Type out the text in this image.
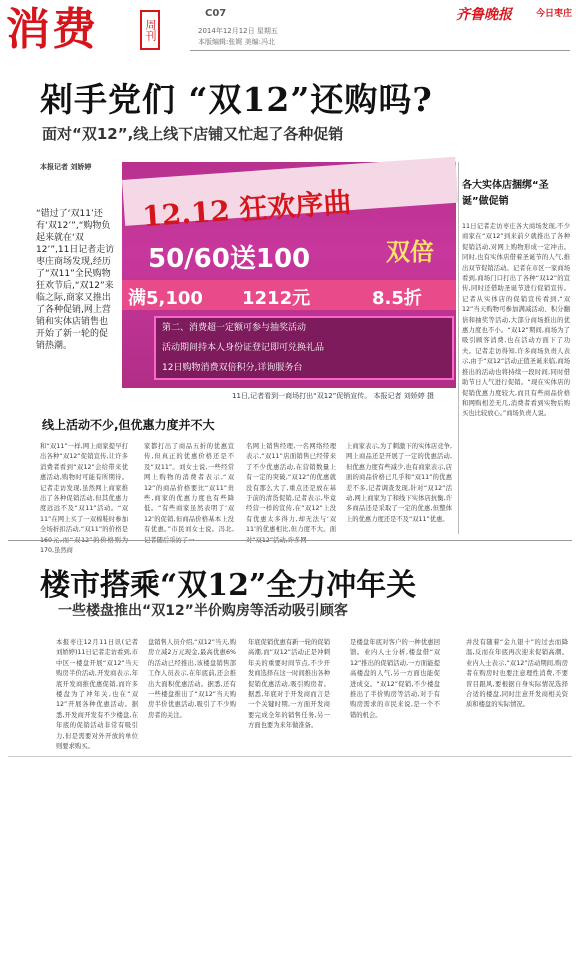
消费	周刊
C07
2014年12月12日 星期五
本版编辑:张娓 美编:冯北
齐鲁晚报	今日枣庄
剁手党们 “双12”还购吗?
面对“双12”,线上线下店铺又忙起了各种促销
本报记者 刘娇婷
“错过了‘双11’还有‘双12’”,“购物负起来就在‘双12’”,11日记者走访枣庄商场发现,经历了“双11”全民购物狂欢节后,“双12”来临之际,商家又推出了各种促销,网上营销和实体店销售也开始了新一轮的促销热潮。
12.12 狂欢序曲
50/60送100	双倍
满5,100 1212元	8.5折
第二、消费超一定额可参与抽奖活动
活动期间持本人身份证登记即可兑换礼品
12日购物消费双倍积分,详询服务台
11日,记者看到一商场打出“双12”促销宣传。 本报记者 刘娇婷 摄
各大实体店捆绑“圣诞”做促销
11日记者走访枣庄各大商场发现,不少商家在“双12”到来前夕就推出了各种促销活动,对网上购物形成一定冲击。同时,也有实体店借着圣诞节的人气,推出双节促销活动。记者在市区一家商场看到,商场门口打出了各种“双12”的宣传,同时还借助圣诞节进行促销宣传。记者从实体店的促销宣传看到,“双12”当天购物可参加满减活动、积分翻倍和抽奖等活动,大部分商场推出的优惠力度也不小。“双12”期间,商场为了吸引顾客消费,也在活动方面下了功夫。记者走访得知,许多商场负责人表示,由于“双12”活动正值圣诞来临,商场推出的活动也将持续一段时间,同时借助节日人气进行促销。“现在实体店的促销优惠力度较大,而且有些商品价格和网购相差无几,消费者看到实物后购买也比较放心。”商场负责人说。
线上活动不少,但优惠力度并不大
和“双11”一样,网上商家提早打出各种“双12”促销宣传,让许多消费者看到“双12”会给带来优惠活动,购物时可能有所期待。记者走访发现,虽然网上商家推出了各种促销活动,但其优惠力度远远不及“双11”活动。“双11”在网上买了一双棉鞋时参加全场折扣活动,“双11”的价格是 170,虽然商
家都打出了商品五折的优惠宣传,但真正的优惠价格还是不及“双11”。刘女士说,一些经常网上购物的消费者表示,“双12”的商品价格要比“双11”贵些,商家的优惠力度也有些降低。“有些商家虽然表明了‘双12’的促销,但商品价格基本上没有优惠。”市民刘女士说。冯北,
名网上销售经理,一名网络经理表示,“双11”店面销售已经带来了不少优惠活动,在营销数量上有一定的突破,“双12”的优惠就没有那么大了,重点还是放在基于前的清货促销,记者表示,毕竟经营一样的宣传,在“双12”上没有优惠太多得力,却无法与‘双11’的优惠相比,但力度不大。面
上商家表示,为了刺激下的实体店竞争,网上商品还是开展了一定的优惠活动,但优惠力度有些减少,也有商家表示,店面的商品价格已几乎和“双11”的优惠差不多,记者调查发现,针对“双12”活动,网上商家为了和线下实体店抗衡,许多商品还是采取了一定的优惠,但整体上的优惠力度还是不及“双11”优惠。
楼市搭乘“双12”全力冲年关
一些楼盘推出“双12”半价购房等活动吸引顾客
本报枣庄12月11日讯(记者 刘娇婷)11日记者走访看到,市中区一楼盘开展“双12”当天购房半价活动,开发商表示,年底开发商推优惠促销,而许多楼盘为了冲年关,也在“双12”开展各种优惠活动。据悉,开发商开发有不少楼盘,在年底的促销活动非常有吸引力,但是需要对外开放的单位则要求购买。
盘销售人员介绍,“双12”当天,购房立减2万元现金,最高优惠6%的活动已经推出,该楼盘销售部工作人员表示,在年底前,还会推出大面积优惠活动。据悉,还有一些楼盘推出了“双12”当天购房半价优惠活动,吸引了不少购房者的关注。
年底促销优惠有新一轮的促销高潮,而“双12”活动正是冲刺年关的重要时间节点,不少开发商选择在这一时间推出各种促销优惠活动,吸引购房者。据悉,年底对于开发商而言是一个关键时期,一方面开发商要完成全年的销售任务,另一方面也要为来年做准备。
是楼盘年底对客户的一种优惠回馈。业内人士分析,楼盘借“双12”推出的促销活动,一方面能提高楼盘的人气,另一方面也能促进成交。“双12”促销,不少楼盘推出了半价购房等活动,对于有购房需求的市民来说,是一个不错的机会。
并没有随着“金九银十”的过去而降温,反而在年底再次迎来促销高潮。业内人士表示,“双12”活动期间,购房者在购房时也要注意理性消费,不要盲目跟风,要根据自身实际情况选择合适的楼盘,同时注意开发商相关资质和楼盘的实际情况。
